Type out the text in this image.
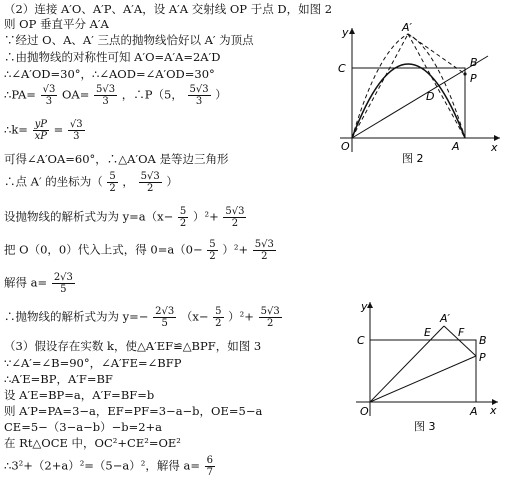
（2）连接 A′O、A′P、A′A，设 A′A 交射线 OP 于点 D，如图 2
则 OP 垂直平分 A′A
∵经过 O、A、A′ 三点的抛物线恰好以 A′ 为顶点
∴由抛物线的对称性可知 A′O=A′A=2A′D
∴∠A′OD=30°，∴∠AOD=∠A′OD=30°
∴PA= $\frac{√3}{3} OA= \frac{5√3}{3}$ ，∴P（5， $\frac{5√3}{3}$ ）
∴k= $\frac{yP}{xP} = \frac{√3}{3}$
可得∠A′OA=60°，∴△A′OA 是等边三角形
∴点 A′ 的坐标为（ $\frac{5}{2}$ ， $\frac{5√3}{2}$ ）
设抛物线的解析式为为 $y=a(x- \frac{5}{2} )^2+ \frac{5√3}{2}$
把 O（0，0）代入上式，得 $0=a(0- \frac{5}{2} )^2+ \frac{5√3}{2}$
解得 $a= \frac{2√3}{5}$
∴抛物线的解析式为为 $y=- \frac{2√3}{5} (x- \frac{5}{2} )^2+ \frac{5√3}{2}$
（3）假设存在实数 k，使△A′EF≌△BPF，如图 3
∵∠A′=∠B=90°，∠A′FE=∠BFP
∴A′E=BP，A′F=BF
设 A′E=BP=a，A′F=BF=b
则 A′P=PA=3−a，EF=PF=3−a−b，OE=5−a
CE=5−（3−a−b）−b=2+a
在 Rt△OCE 中，OC²+CE²=OE²
∴3²+（2+a）²=（5−a）²，解得 $a= \frac{6}{7}$
O
C
A
A′
B
P
D
y
x
图 2
O
C
A
A′
B
P
E F
y
x
图 3
